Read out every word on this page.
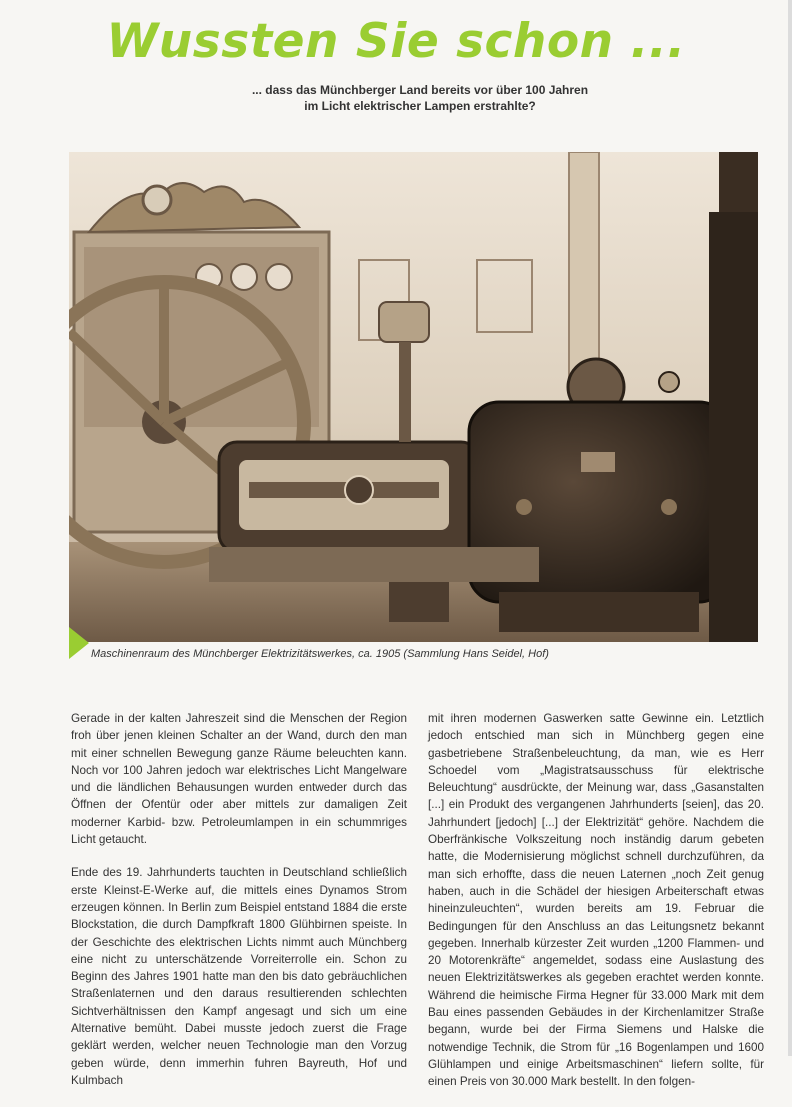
Wussten Sie schon ...
... dass das Münchberger Land bereits vor über 100 Jahren
im Licht elektrischer Lampen erstrahlte?
Maschinenraum des Münchberger Elektrizitätswerkes, ca. 1905 (Sammlung Hans Seidel, Hof)

Gerade in der kalten Jahreszeit sind die Menschen der Region froh über jenen kleinen Schalter an der Wand, durch den man mit einer schnellen Bewegung ganze Räume beleuchten kann. Noch vor 100 Jahren jedoch war elektrisches Licht Mangelware und die ländlichen Behausungen wurden entweder durch das Öffnen der Ofentür oder aber mittels zur damaligen Zeit moderner Karbid- bzw. Petroleumlampen in ein schummriges Licht getaucht.

Ende des 19. Jahrhunderts tauchten in Deutschland schließlich erste Kleinst-E-Werke auf, die mittels eines Dynamos Strom erzeugen können. In Berlin zum Beispiel entstand 1884 die erste Blockstation, die durch Dampfkraft 1800 Glühbirnen speiste. In der Geschichte des elektrischen Lichts nimmt auch Münchberg eine nicht zu unterschätzende Vorreiterrolle ein. Schon zu Beginn des Jahres 1901 hatte man den bis dato gebräuchlichen Straßenlaternen und den daraus resultierenden schlechten Sichtverhältnissen den Kampf angesagt und sich um eine Alternative bemüht. Dabei musste jedoch zuerst die Frage geklärt werden, welcher neuen Technologie man den Vorzug geben würde, denn immerhin fuhren Bayreuth, Hof und Kulmbach

mit ihren modernen Gaswerken satte Gewinne ein. Letztlich jedoch entschied man sich in Münchberg gegen eine gasbetriebene Straßenbeleuchtung, da man, wie es Herr Schoedel vom „Magistratsausschuss für elektrische Beleuchtung“ ausdrückte, der Meinung war, dass „Gasanstalten [...] ein Produkt des vergangenen Jahrhunderts [seien], das 20. Jahrhundert [jedoch] [...] der Elektrizität“ gehöre. Nachdem die Oberfränkische Volkszeitung noch inständig darum gebeten hatte, die Modernisierung möglichst schnell durchzuführen, da man sich erhoffte, dass die neuen Laternen „noch Zeit genug haben, auch in die Schädel der hiesigen Arbeiterschaft etwas hineinzuleuchten“, wurden bereits am 19. Februar die Bedingungen für den Anschluss an das Leitungsnetz bekannt gegeben. Innerhalb kürzester Zeit wurden „1200 Flammen- und 20 Motorenkräfte“ angemeldet, sodass eine Auslastung des neuen Elektrizitätswerkes als gegeben erachtet werden konnte. Während die heimische Firma Hegner für 33.000 Mark mit dem Bau eines passenden Gebäudes in der Kirchenlamitzer Straße begann, wurde bei der Firma Siemens und Halske die notwendige Technik, die Strom für „16 Bogenlampen und 1600 Glühlampen und einige Arbeitsmaschinen“ liefern sollte, für einen Preis von 30.000 Mark bestellt. In den folgen-
